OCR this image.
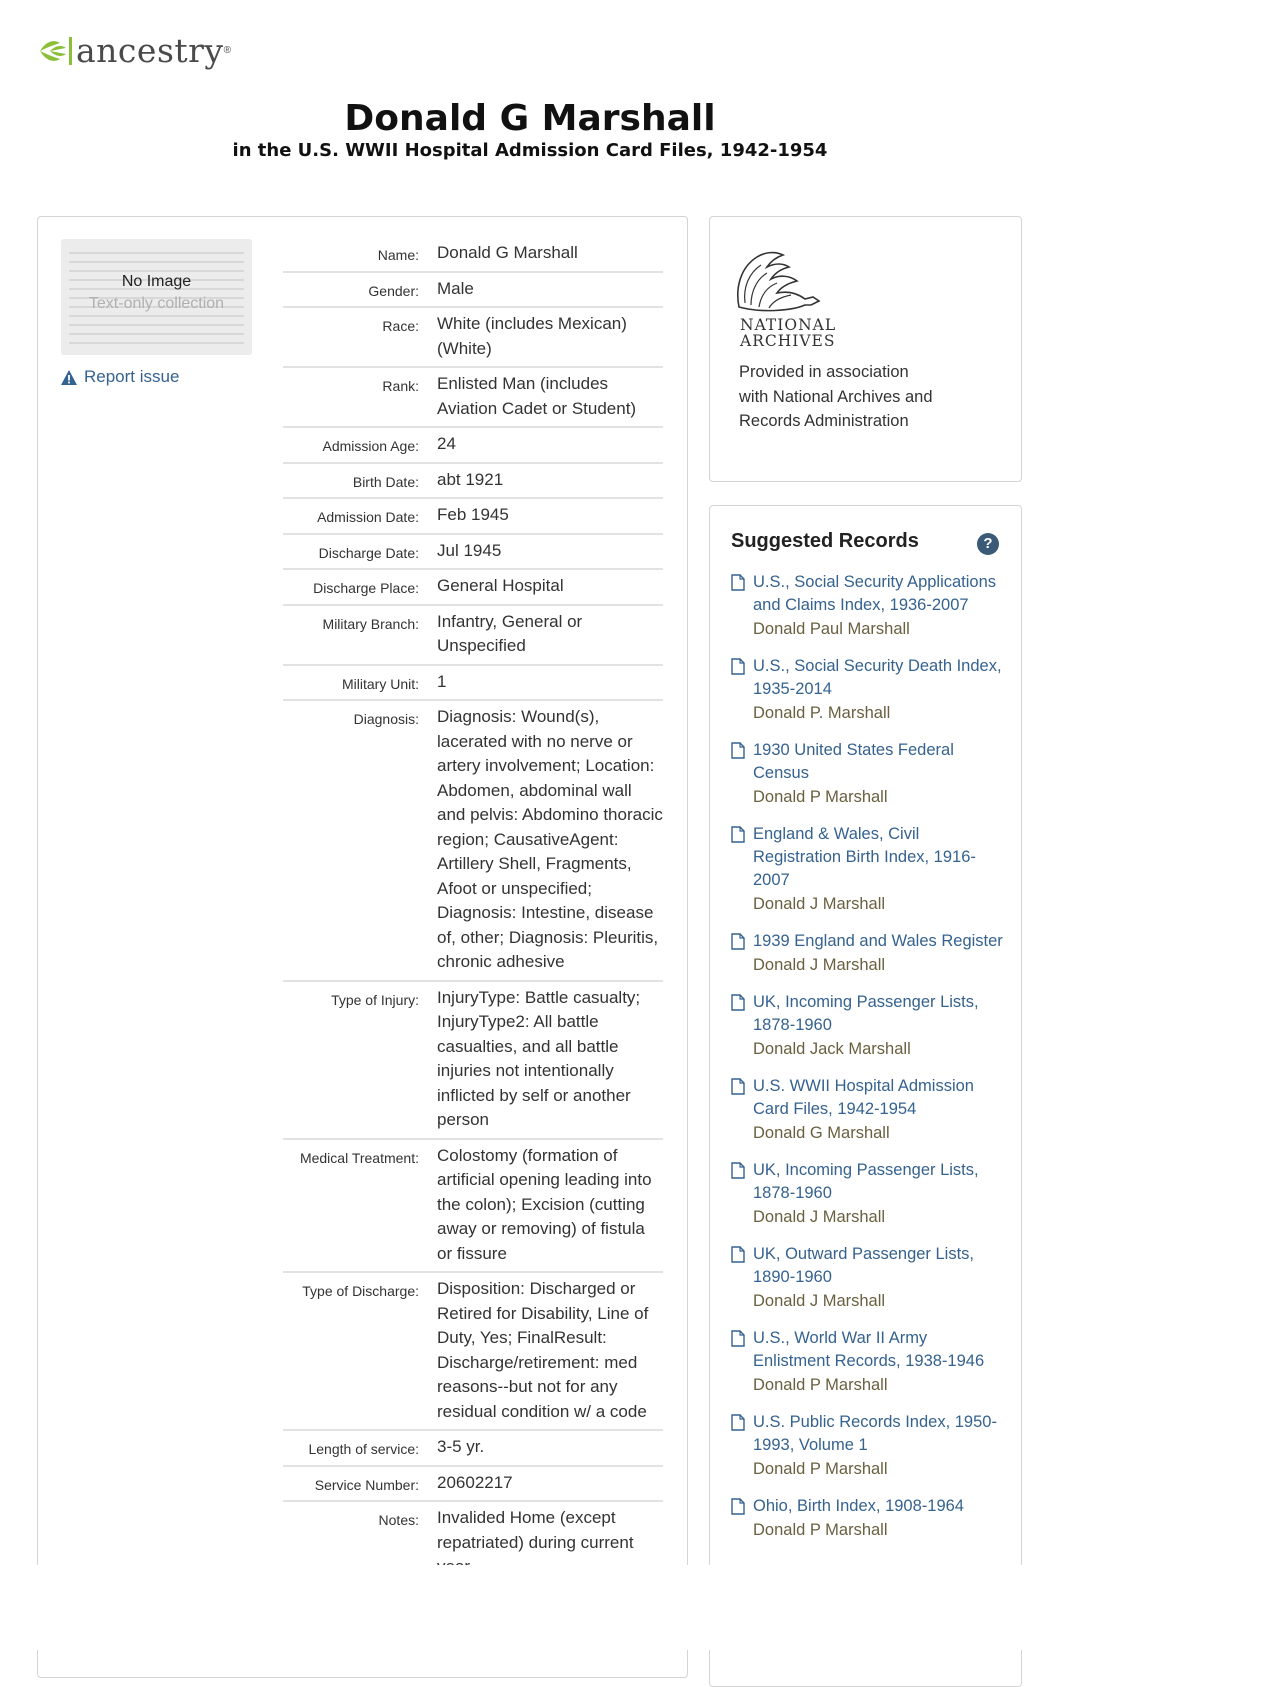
ancestry ®
Donald G Marshall
in the U.S. WWII Hospital Admission Card Files, 1942-1954
No Image
Text-only collection
Report issue
Name:	Donald G Marshall
Gender:	Male
Race:	White (includes Mexican) (White)
Rank:	Enlisted Man (includes Aviation Cadet or Student)
Admission Age:	24
Birth Date:	abt 1921
Admission Date:	Feb 1945
Discharge Date:	Jul 1945
Discharge Place:	General Hospital
Military Branch:	Infantry, General or Unspecified
Military Unit:	1
Diagnosis:	Diagnosis: Wound(s), lacerated with no nerve or artery involvement; Location: Abdomen, abdominal wall and pelvis: Abdomino thoracic region; CausativeAgent: Artillery Shell, Fragments, Afoot or unspecified; Diagnosis: Intestine, disease of, other; Diagnosis: Pleuritis, chronic adhesive
Type of Injury:	InjuryType: Battle casualty; InjuryType2: All battle casualties, and all battle injuries not intentionally inflicted by self or another person
Medical Treatment:	Colostomy (formation of artificial opening leading into the colon); Excision (cutting away or removing) of fistula or fissure
Type of Discharge:	Disposition: Discharged or Retired for Disability, Line of Duty, Yes; FinalResult: Discharge/retirement: med reasons--but not for any residual condition w/ a code
Length of service:	3-5 yr.
Service Number:	20602217
Notes:	Invalided Home (except repatriated) during current
NATIONAL
ARCHIVES
Provided in association with National Archives and Records Administration
Suggested Records	?
U.S., Social Security Applications and Claims Index, 1936-2007
Donald Paul Marshall
U.S., Social Security Death Index, 1935-2014
Donald P. Marshall
1930 United States Federal Census
Donald P Marshall
England & Wales, Civil Registration Birth Index, 1916-2007
Donald J Marshall
1939 England and Wales Register
Donald J Marshall
UK, Incoming Passenger Lists, 1878-1960
Donald Jack Marshall
U.S. WWII Hospital Admission Card Files, 1942-1954
Donald G Marshall
UK, Incoming Passenger Lists, 1878-1960
Donald J Marshall
UK, Outward Passenger Lists, 1890-1960
Donald J Marshall
U.S., World War II Army Enlistment Records, 1938-1946
Donald P Marshall
U.S. Public Records Index, 1950-1993, Volume 1
Donald P Marshall
Ohio, Birth Index, 1908-1964
Donald P Marshall
